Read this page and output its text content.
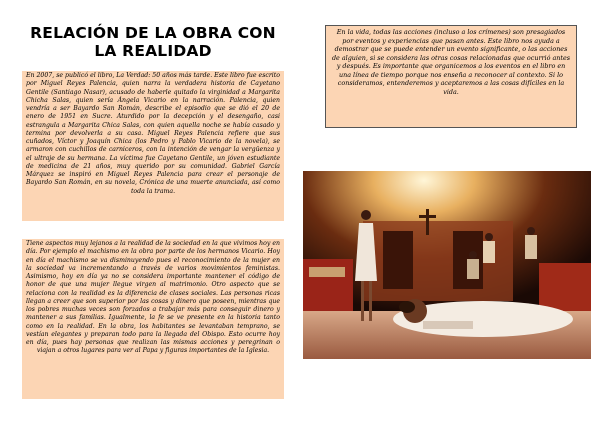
RELACIÓN DE LA OBRA CON LA REALIDAD

En 2007, se publicó el libro, La Verdad: 50 años más tarde. Este libro fue escrito por Miguel Reyes Palencia, quien narra la verdadera historia de Cayetano Gentile (Santiago Nasar), acusado de haberle quitado la virginidad a Margarita Chicha Salas, quien sería Ángela Vicario en la narración. Palencia, quien vendría a ser Bayardo San Román, describe el episodio que se dió el 20 de enero de 1951 en Sucre. Aturdido por la decepción y el desengaño, casi estrangula a Margarita Chica Salas, con quien aquella noche se había casado y termina por devolverla a su casa. Miguel Reyes Palencia refiere que sus cuñados, Víctor y Joaquín Chica (los Pedro y Pablo Vicario de la novela), se armaron con cuchillos de carniceros, con la intención de vengar la vergüenza y el ultraje de su hermana. La víctima fue Cayetano Gentile, un jóven estudiante de medicina de 21 años, muy querido por su comunidad. Gabriel García Márquez se inspiró en Miguel Reyes Palencia para crear el personaje de Bayardo San Román, en su novela, Crónica de una muerte anunciada, así como toda la trama.

Tiene aspectos muy lejanos a la realidad de la sociedad en la que vivimos hoy en día. Por ejemplo el machismo en la obra por parte de los hermanos Vicario. Hoy en día el machismo se va disminuyendo pues el reconocimiento de la mujer en la sociedad va incrementando a través de varios movimientos feministas. Asimismo, hoy en día ya no se considera importante mantener el código de honor de que una mujer llegue virgen al matrimonio. Otro aspecto que se relaciona con la realidad es la diferencia de clases sociales. Las personas ricas llegan a creer que son superior por las cosas y dinero que poseen, mientras que los pobres muchas veces son forzados a trabajar más para conseguir dinero y mantener a sus familias. Igualmente, la fe se ve presente en la historia tanto como en la realidad. En la obra, los habitantes se levantaban temprano, se vestían elegantes y preparan todo para la llegada del Obispo. Esto ocurre hoy en día, pues hay personas que realizan las mismas acciones y peregrinan o viajan a otros lugares para ver al Papa y figuras importantes de la Iglesia.

En la vida, todas las acciones (incluso a los crímenes) son presagiados por eventos y experiencias que pasan antes. Este libro nos ayuda a demostrar que se puede entender un evento significante, o las acciones de alguien, si se considera las otras cosas relacionadas que ocurrió antes y después. Es importante que organicemos a los eventos en el libro en una línea de tiempo porque nos enseña a reconocer al contexto. Si lo consideramos, entenderemos y aceptaremos a las cosas difíciles en la vida.
